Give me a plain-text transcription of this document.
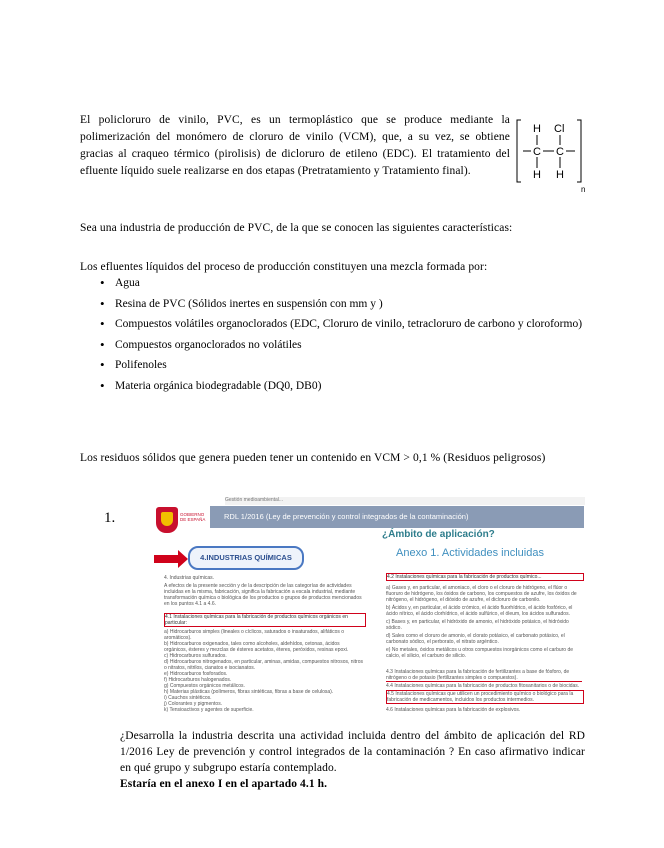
El policloruro de vinilo, PVC, es un termoplástico que se produce mediante la polimerización del monómero de cloruro de vinilo (VCM), que, a su vez, se obtiene gracias al craqueo térmico (pirolisis) de dicloruro de etileno (EDC). El tratamiento del efluente líquido suele realizarse en dos etapas (Pretratamiento y Tratamiento final).
H Cl
C C
H H
n
Sea una industria de producción de PVC, de la que se conocen las siguientes características:
Los efluentes líquidos del proceso de producción constituyen una mezcla formada por:
• Agua
• Resina de PVC (Sólidos inertes en suspensión con mm y )
• Compuestos volátiles organoclorados (EDC, Cloruro de vinilo, tetracloruro de carbono y cloroformo)
• Compuestos organoclorados no volátiles
• Polifenoles
• Materia orgánica biodegradable (DQ0, DB0)
Los residuos sólidos que genera pueden tener un contenido en VCM > 0,1 % (Residuos peligrosos)
1.
Gestión medioambiental...
RDL 1/2016 (Ley de prevención y control integrados de la contaminación)
GOBIERNO DE ESPAÑA
¿Ámbito de aplicación?
4.INDUSTRIAS QUÍMICAS
4. Industrias químicas.
A efectos de la presente sección y de la descripción de las categorías de actividades incluidas en la misma, fabricación, significa la fabricación a escala industrial, mediante transformación química o biológica de los productos o grupos de productos mencionados en los puntos 4.1 a 4.6.
4.1 Instalaciones químicas para la fabricación de productos químicos orgánicos en particular:
a) Hidrocarburos simples (lineales o cíclicos, saturados o insaturados, alifáticos o aromáticos).
b) Hidrocarburos oxigenados, tales como alcoholes, aldehídos, cetonas, ácidos orgánicos, ésteres y mezclas de ésteres acetatos, éteres, peróxidos, resinas epoxi.
c) Hidrocarburos sulfurados.
d) Hidrocarburos nitrogenados, en particular, aminas, amidas, compuestos nitrosos, nitros o nitratos, nitrilos, cianatos e isocianatos.
e) Hidrocarburos fosforados.
f) Hidrocarburos halogenados.
g) Compuestos orgánicos metálicos.
h) Materias plásticas (polímeros, fibras sintéticas, fibras a base de celulosa).
i) Cauchos sintéticos.
j) Colorantes y pigmentos.
k) Tensioactivos y agentes de superficie.
Anexo 1. Actividades incluidas
4.2 Instalaciones químicas para la fabricación de productos químico...
a) Gases y, en particular, el amoniaco, el cloro o el cloruro de hidrógeno, el flúor o fluoruro de hidrógeno, los óxidos de carbono, los compuestos de azufre, los óxidos de nitrógeno, el hidrógeno, el dióxido de azufre, el dicloruro de carbonilo.
b) Ácidos y, en particular, el ácido crómico, el ácido fluorhídrico, el ácido fosfórico, el ácido nítrico, el ácido clorhídrico, el ácido sulfúrico, el óleum, los ácidos sulfurados.
c) Bases y, en particular, el hidróxido de amonio, el hidróxido potásico, el hidróxido sódico.
d) Sales como el cloruro de amonio, el clorato potásico, el carbonato potásico, el carbonato sódico, el perborato, el nitrato argéntico.
e) No metales, óxidos metálicos u otros compuestos inorgánicos como el carburo de calcio, el silicio, el carburo de silicio.
4.3 Instalaciones químicas para la fabricación de fertilizantes a base de fósforo, de nitrógeno o de potasio (fertilizantes simples o compuestos).
4.4 Instalaciones químicas para la fabricación de productos fitosanitarios o de biocidas.
4.5 Instalaciones químicas que utilicen un procedimiento químico o biológico para la fabricación de medicamentos, incluidos los productos intermedios.
4.6 Instalaciones químicas para la fabricación de explosivos.
¿Desarrolla la industria descrita una actividad incluida dentro del ámbito de aplicación del RD 1/2016 Ley de prevención y control integrados de la contaminación ? En caso afirmativo indicar en qué grupo y subgrupo estaría contemplado.
Estaría en el anexo I en el apartado 4.1 h.
